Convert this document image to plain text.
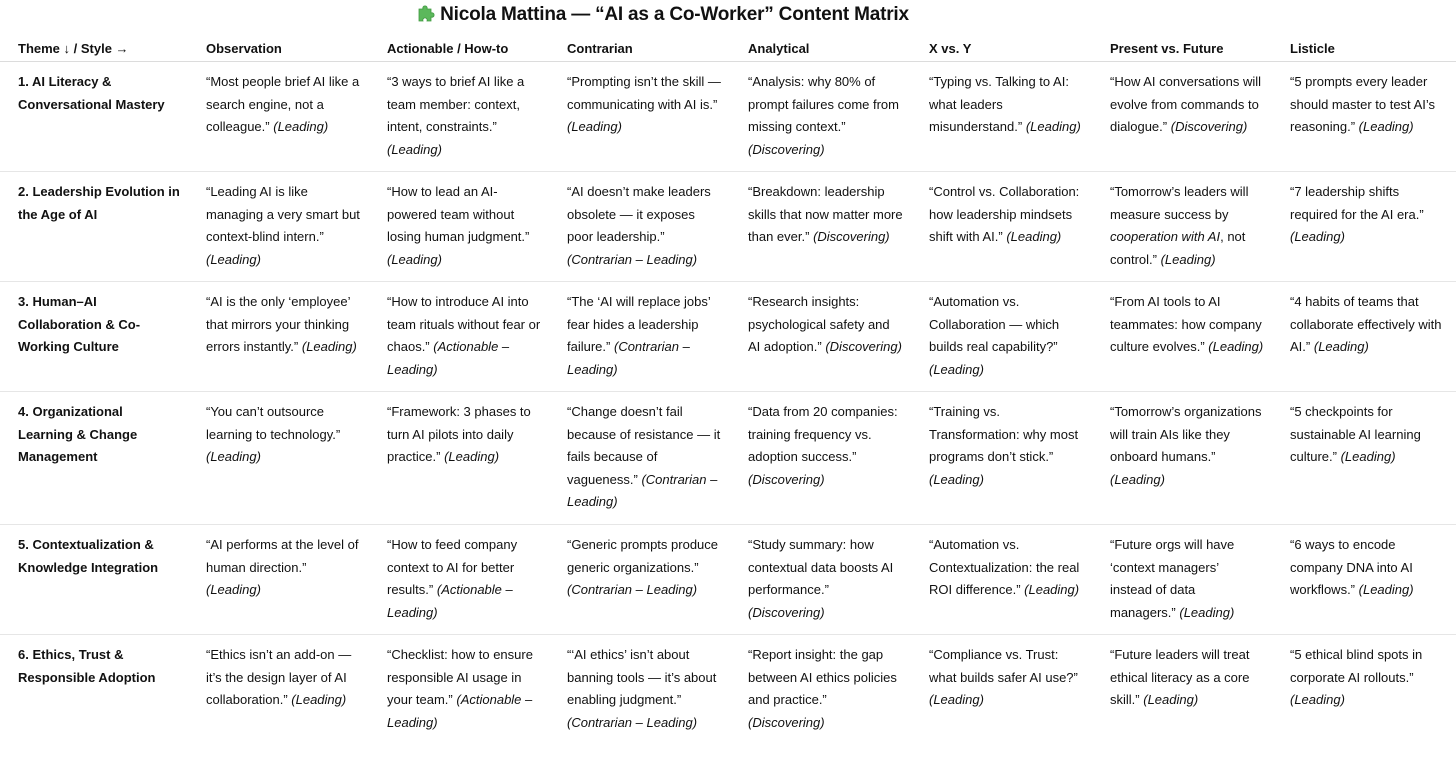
Nicola Mattina — “AI as a Co-Worker” Content Matrix
Theme ↓ / Style →	Observation	Actionable / How-to	Contrarian	Analytical	X vs. Y	Present vs. Future	Listicle
1. AI Literacy & Conversational Mastery	“Most people brief AI like a search engine, not a colleague.” (Leading)	“3 ways to brief AI like a team member: context, intent, constraints.” (Leading)	“Prompting isn’t the skill — communicating with AI is.” (Leading)	“Analysis: why 80% of prompt failures come from missing context.” (Discovering)	“Typing vs. Talking to AI: what leaders misunderstand.” (Leading)	“How AI conversations will evolve from commands to dialogue.” (Discovering)	“5 prompts every leader should master to test AI’s reasoning.” (Leading)
2. Leadership Evolution in the Age of AI	“Leading AI is like managing a very smart but context-blind intern.” (Leading)	“How to lead an AI-powered team without losing human judgment.” (Leading)	“AI doesn’t make leaders obsolete — it exposes poor leadership.” (Contrarian – Leading)	“Breakdown: leadership skills that now matter more than ever.” (Discovering)	“Control vs. Collaboration: how leadership mindsets shift with AI.” (Leading)	“Tomorrow’s leaders will measure success by cooperation with AI, not control.” (Leading)	“7 leadership shifts required for the AI era.” (Leading)
3. Human–AI Collaboration & Co-Working Culture	“AI is the only ‘employee’ that mirrors your thinking errors instantly.” (Leading)	“How to introduce AI into team rituals without fear or chaos.” (Actionable – Leading)	“The ‘AI will replace jobs’ fear hides a leadership failure.” (Contrarian – Leading)	“Research insights: psychological safety and AI adoption.” (Discovering)	“Automation vs. Collaboration — which builds real capability?” (Leading)	“From AI tools to AI teammates: how company culture evolves.” (Leading)	“4 habits of teams that collaborate effectively with AI.” (Leading)
4. Organizational Learning & Change Management	“You can’t outsource learning to technology.” (Leading)	“Framework: 3 phases to turn AI pilots into daily practice.” (Leading)	“Change doesn’t fail because of resistance — it fails because of vagueness.” (Contrarian – Leading)	“Data from 20 companies: training frequency vs. adoption success.” (Discovering)	“Training vs. Transformation: why most programs don’t stick.” (Leading)	“Tomorrow’s organizations will train AIs like they onboard humans.” (Leading)	“5 checkpoints for sustainable AI learning culture.” (Leading)
5. Contextualization & Knowledge Integration	“AI performs at the level of human direction.” (Leading)	“How to feed company context to AI for better results.” (Actionable – Leading)	“Generic prompts produce generic organizations.” (Contrarian – Leading)	“Study summary: how contextual data boosts AI performance.” (Discovering)	“Automation vs. Contextualization: the real ROI difference.” (Leading)	“Future orgs will have ‘context managers’ instead of data managers.” (Leading)	“6 ways to encode company DNA into AI workflows.” (Leading)
6. Ethics, Trust & Responsible Adoption	“Ethics isn’t an add-on — it’s the design layer of AI collaboration.” (Leading)	“Checklist: how to ensure responsible AI usage in your team.” (Actionable – Leading)	“‘AI ethics’ isn’t about banning tools — it’s about enabling judgment.” (Contrarian – Leading)	“Report insight: the gap between AI ethics policies and practice.” (Discovering)	“Compliance vs. Trust: what builds safer AI use?” (Leading)	“Future leaders will treat ethical literacy as a core skill.” (Leading)	“5 ethical blind spots in corporate AI rollouts.” (Leading)
